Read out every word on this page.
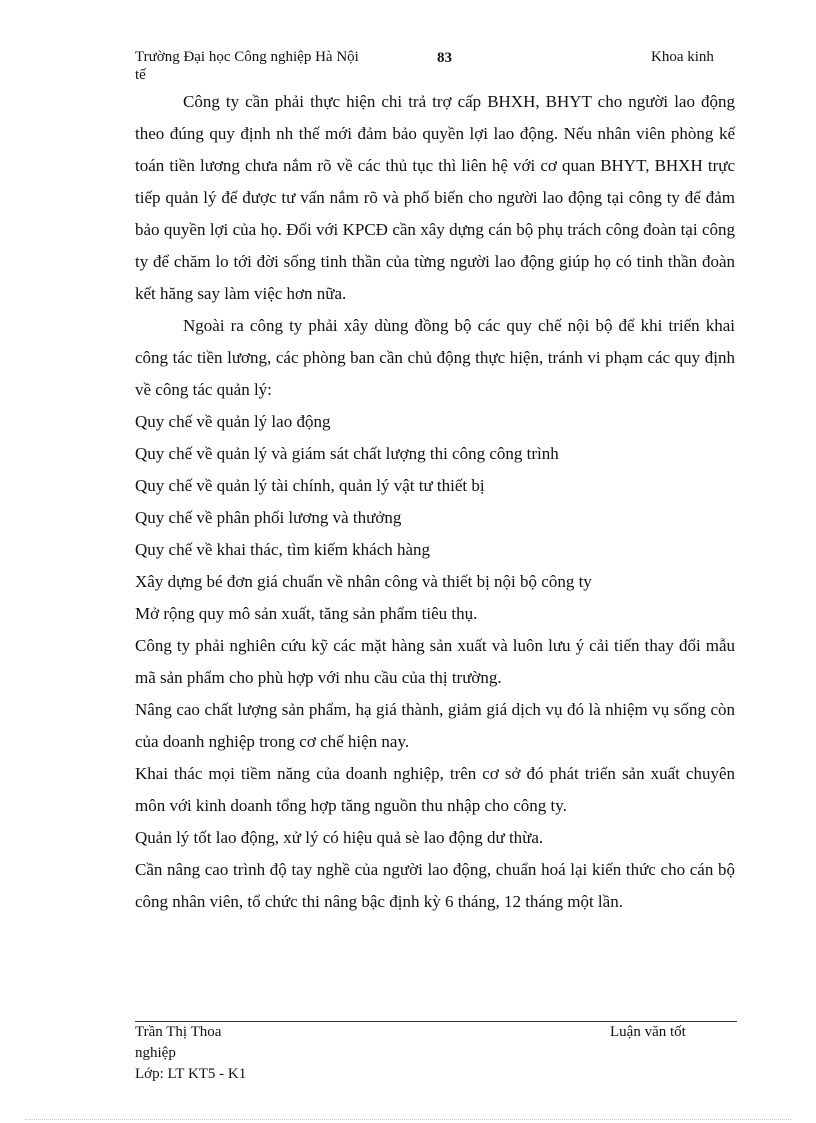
Trường Đại học Công nghiệp Hà Nội	83	Khoa kinh
tế

Công ty cần phải thực hiện chi trả trợ cấp BHXH, BHYT cho người lao động theo đúng quy định nh thế mới đảm bảo quyền lợi lao động. Nếu nhân viên phòng kế toán tiền lương chưa nắm rõ về các thủ tục thì liên hệ với cơ quan BHYT, BHXH trực tiếp quản lý để được tư vấn nắm rõ và phổ biến cho người lao động tại công ty để đảm bảo quyền lợi của họ. Đối với KPCĐ cần xây dựng cán bộ phụ trách công đoàn tại công ty để chăm lo tới đời sống tinh thần của từng người lao động giúp họ có tinh thần đoàn kết hăng say làm việc hơn nữa.

Ngoài ra công ty phải xây dùng đồng bộ các quy chế nội bộ để khi triển khai công tác tiền lương, các phòng ban cần chủ động thực hiện, tránh vi phạm các quy định về công tác quản lý:

Quy chế về quản lý lao động

Quy chế về quản lý và giám sát chất lượng thi công công trình

Quy chế về quản lý tài chính, quản lý vật tư thiết bị

Quy chế về phân phối lương và thưởng

Quy chế về khai thác, tìm kiếm khách hàng

Xây dựng bé đơn giá chuẩn về nhân công và thiết bị nội bộ công ty

Mở rộng quy mô sản xuất, tăng sản phẩm tiêu thụ.

Công ty phải nghiên cứu kỹ các mặt hàng sản xuất và luôn lưu ý cải tiến thay đổi mẫu mã sản phẩm cho phù hợp với nhu cầu của thị trường.

Nâng cao chất lượng sản phẩm, hạ giá thành, giảm giá dịch vụ đó là nhiệm vụ sống còn của doanh nghiệp trong cơ chế hiện nay.

Khai thác mọi tiềm năng của doanh nghiệp, trên cơ sở đó phát triển sản xuất chuyên môn với kinh doanh tổng hợp tăng nguồn thu nhập cho công ty.

Quản lý tốt lao động, xử lý có hiệu quả sè lao động dư thừa.

Cần nâng cao trình độ tay nghề của người lao động, chuẩn hoá lại kiến thức cho cán bộ công nhân viên, tổ chức thi nâng bậc định kỳ 6 tháng, 12 tháng một lần.

Trần Thị Thoa	Luận văn tốt
nghiệp
Lớp: LT KT5 - K1
